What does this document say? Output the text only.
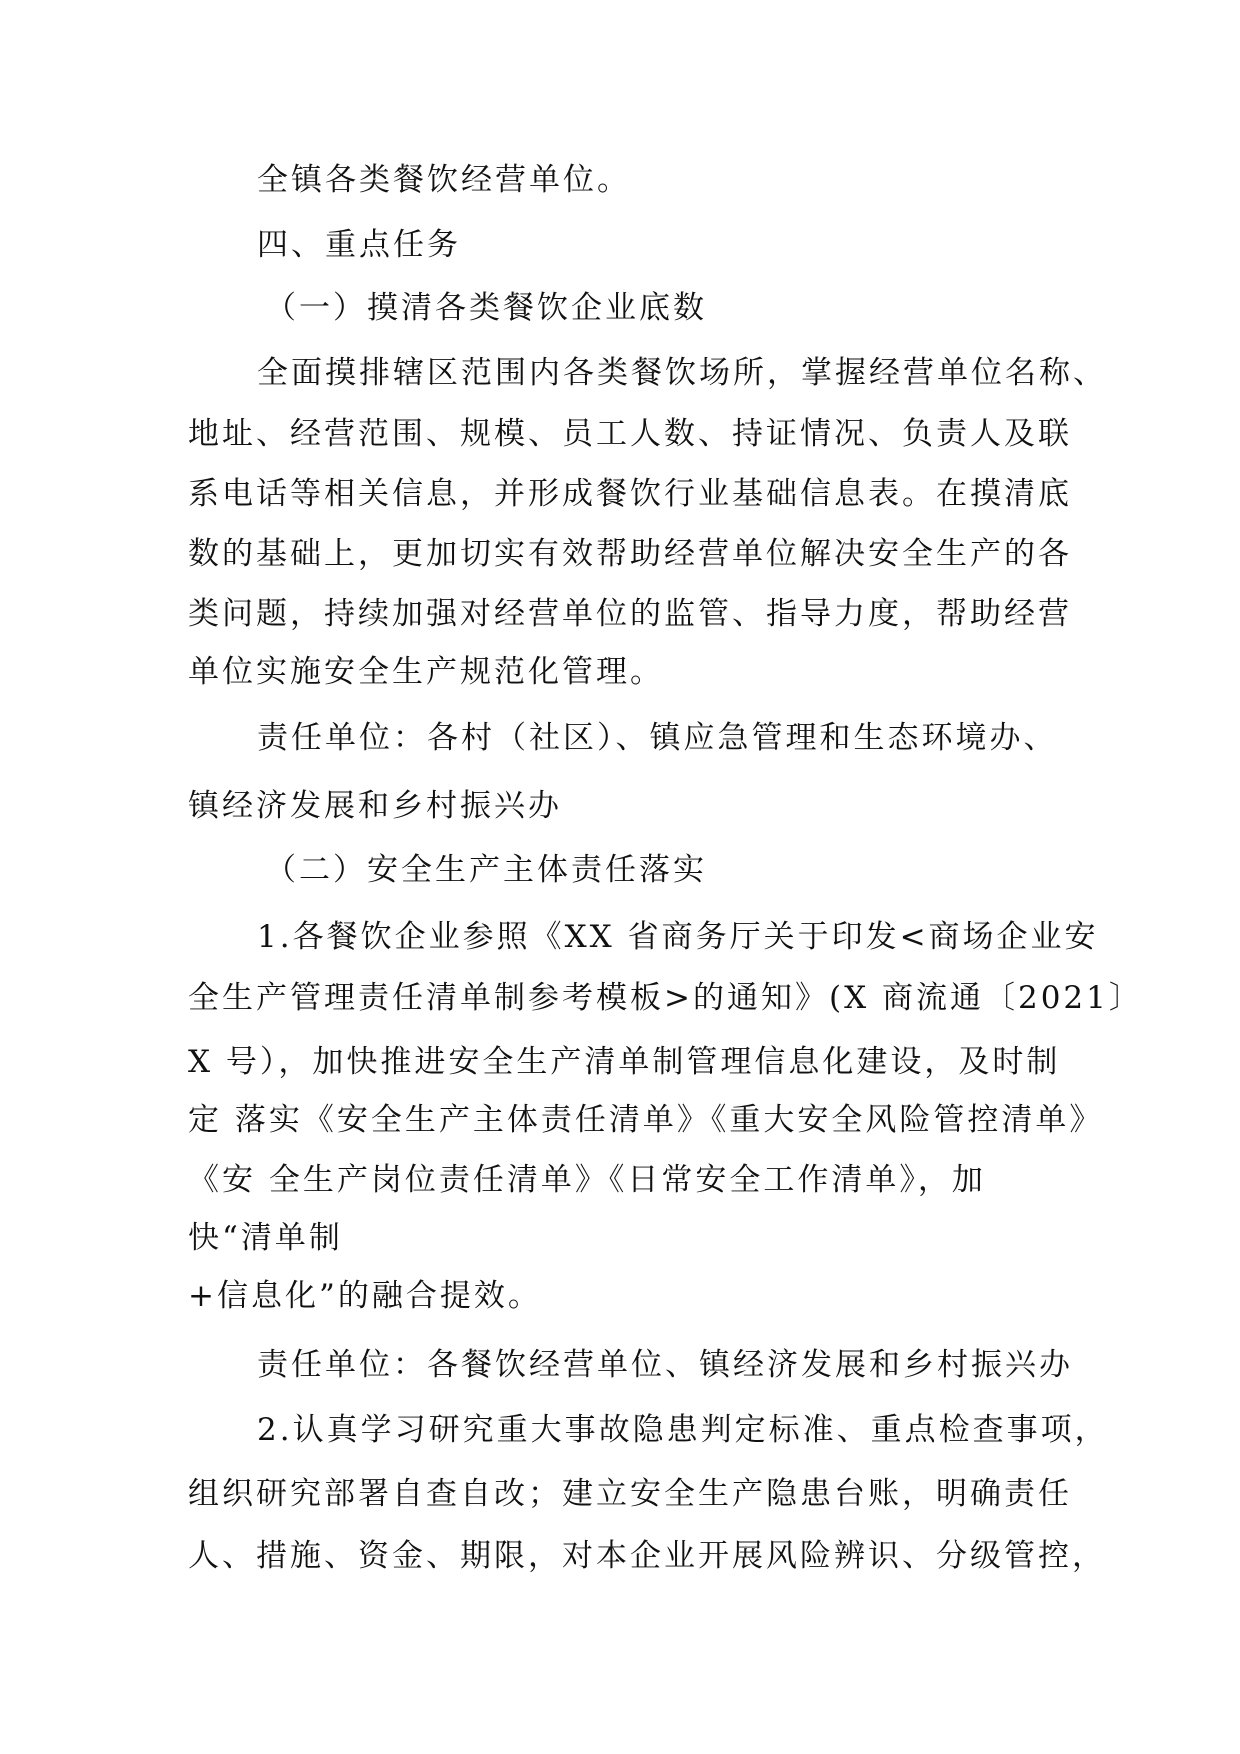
全镇各类餐饮经营单位。

四、重点任务

（一）摸清各类餐饮企业底数

全面摸排辖区范围内各类餐饮场所，掌握经营单位名称、

地址、经营范围、规模、员工人数、持证情况、负责人及联

系电话等相关信息，并形成餐饮行业基础信息表。在摸清底

数的基础上，更加切实有效帮助经营单位解决安全生产的各

类问题，持续加强对经营单位的监管、指导力度，帮助经营

单位实施安全生产规范化管理。

责任单位：各村（社区）、镇应急管理和生态环境办、

镇经济发展和乡村振兴办

（二）安全生产主体责任落实

1.各餐饮企业参照《XX 省商务厅关于印发<商场企业安

全生产管理责任清单制参考模板>的通知》(X 商流通〔2021〕

X 号），加快推进安全生产清单制管理信息化建设，及时制

定 落实《安全生产主体责任清单》《重大安全风险管控清单》

《安 全生产岗位责任清单》《日常安全工作清单》，加

快“清单制

+信息化”的融合提效。

责任单位：各餐饮经营单位、镇经济发展和乡村振兴办

2.认真学习研究重大事故隐患判定标准、重点检查事项，

组织研究部署自查自改；建立安全生产隐患台账，明确责任

人、措施、资金、期限，对本企业开展风险辨识、分级管控，
